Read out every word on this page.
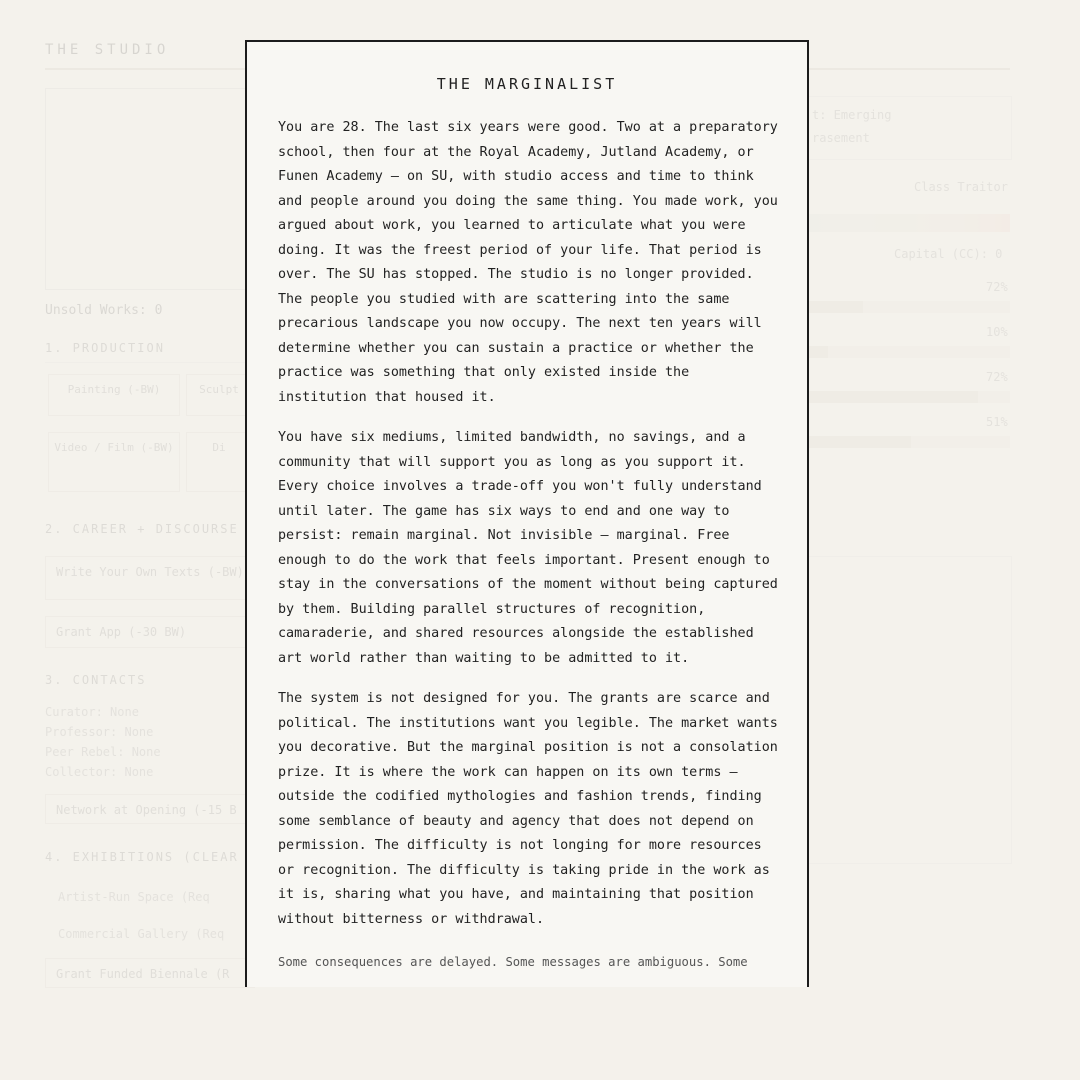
THE MARGINALIST

You are 28. The last six years were good. Two at a preparatory school, then four at the Royal Academy, Jutland Academy, or Funen Academy — on SU, with studio access and time to think and people around you doing the same thing. You made work, you argued about work, you learned to articulate what you were doing. It was the freest period of your life. That period is over. The SU has stopped. The studio is no longer provided. The people you studied with are scattering into the same precarious landscape you now occupy. The next ten years will determine whether you can sustain a practice or whether the practice was something that only existed inside the institution that housed it.

You have six mediums, limited bandwidth, no savings, and a community that will support you as long as you support it. Every choice involves a trade-off you won't fully understand until later. The game has six ways to end and one way to persist: remain marginal. Not invisible — marginal. Free enough to do the work that feels important. Present enough to stay in the conversations of the moment without being captured by them. Building parallel structures of recognition, camaraderie, and shared resources alongside the established art world rather than waiting to be admitted to it.

The system is not designed for you. The grants are scarce and political. The institutions want you legible. The market wants you decorative. But the marginal position is not a consolation prize. It is where the work can happen on its own terms — outside the codified mythologies and fashion trends, finding some semblance of beauty and agency that does not depend on permission. The difficulty is not longing for more resources or recognition. The difficulty is taking pride in the work as it is, sharing what you have, and maintaining that position without bitterness or withdrawal.

Some consequences are delayed. Some messages are ambiguous. Some
